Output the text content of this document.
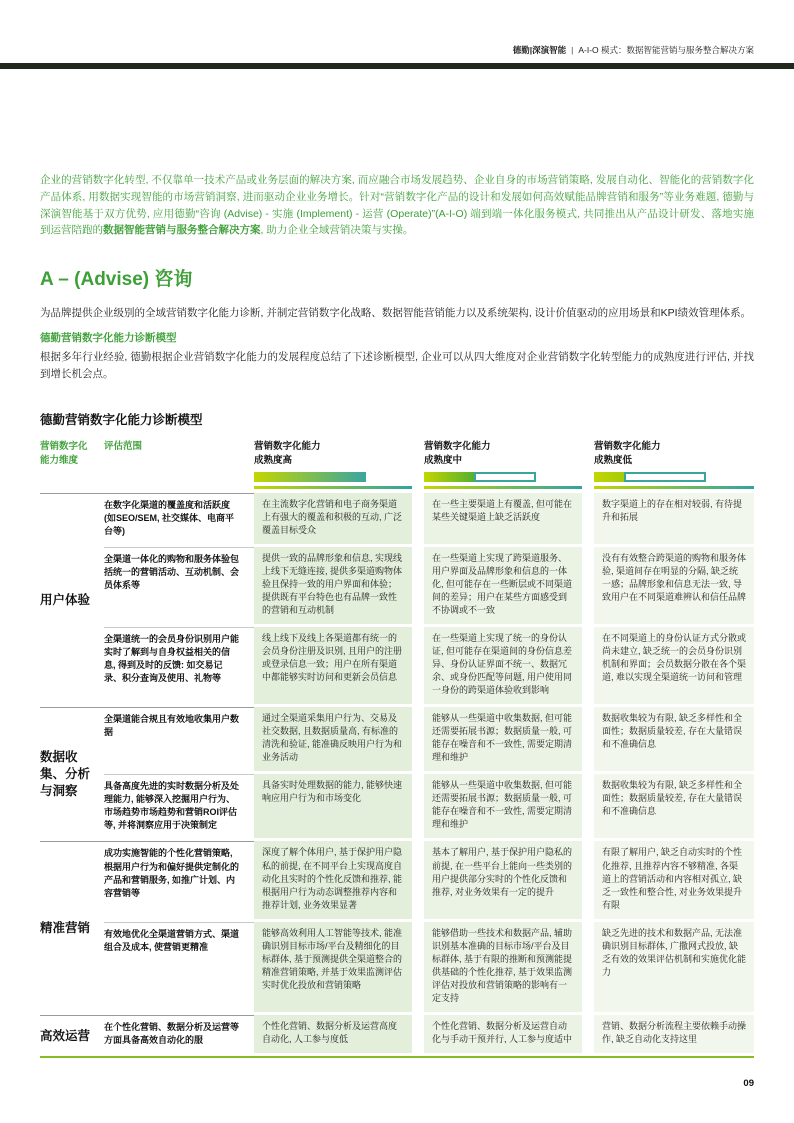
德勤|深演智能 | A-I-O 模式：数据智能营销与服务整合解决方案

企业的营销数字化转型, 不仅靠单一技术产品或业务层面的解决方案, 而应融合市场发展趋势、企业自身的市场营销策略, 发展自动化、智能化的营销数字化产品体系, 用数据实现智能的市场营销洞察, 进而驱动企业业务增长。针对“营销数字化产品的设计和发展如何高效赋能品牌营销和服务”等业务难题, 德勤与深演智能基于双方优势, 应用德勤“咨询 (Advise) - 实施 (Implement) - 运营 (Operate)”(A-I-O) 端到端一体化服务模式, 共同推出从产品设计研发、落地实施到运营陪跑的数据智能营销与服务整合解决方案, 助力企业全域营销决策与实操。

A – (Advise) 咨询

为品牌提供企业级别的全域营销数字化能力诊断, 并制定营销数字化战略、数据智能营销能力以及系统架构, 设计价值驱动的应用场景和KPI绩效管理体系。

德勤营销数字化能力诊断模型

根据多年行业经验, 德勤根据企业营销数字化能力的发展程度总结了下述诊断模型, 企业可以从四大维度对企业营销数字化转型能力的成熟度进行评估, 并找到增长机会点。

德勤营销数字化能力诊断模型
营销数字化能力维度
评估范围	营销数字化能力
成熟度高
营销数字化能力
成熟度中
营销数字化能力
成熟度低
用户体验
在数字化渠道的覆盖度和活跃度 (如SEO/SEM, 社交媒体、电商平台等)
在主流数字化营销和电子商务渠道上有强大的覆盖和积极的互动, 广泛覆盖目标受众
在一些主要渠道上有覆盖, 但可能在某些关键渠道上缺乏活跃度
数字渠道上的存在相对较弱, 有待提升和拓展
全渠道一体化的购物和服务体验包括统一的营销活动、互动机制、会员体系等
提供一致的品牌形象和信息, 实现线上线下无缝连接, 提供多渠道购物体验且保持一致的用户界面和体验；提供既有平台特色也有品牌一致性的营销和互动机制
在一些渠道上实现了跨渠道服务、用户界面及品牌形象和信息的一体化, 但可能存在一些断层或不同渠道间的差异；用户在某些方面感受到不协调或不一致
没有有效整合跨渠道的购物和服务体验, 渠道间存在明显的分隔, 缺乏统一感；品牌形象和信息无法一致, 导致用户在不同渠道难辨认和信任品牌
全渠道统一的会员身份识别用户能实时了解到与自身权益相关的信息, 得到及时的反馈: 如交易记录、积分查询及使用、礼物等
线上线下及线上各渠道都有统一的会员身份注册及识别, 且用户的注册或登录信息一致；用户在所有渠道中都能够实时访问和更新会员信息
在一些渠道上实现了统一的身份认证, 但可能存在渠道间的身份信息差异、身份认证界面不统一、数据冗余、或身份匹配等问题, 用户使用同一身份的跨渠道体验收到影响
在不同渠道上的身份认证方式分散或尚未建立, 缺乏统一的会员身份识别机制和界面；会员数据分散在各个渠道, 难以实现全渠道统一访问和管理
数据收集、分析与洞察
全渠道能合规且有效地收集用户数据
通过全渠道采集用户行为、交易及社交数据, 且数据质量高, 有标准的清洗和验证, 能准确反映用户行为和业务活动
能够从一些渠道中收集数据, 但可能还需要拓展书源；数据质量一般, 可能存在噪音和不一致性, 需要定期清理和维护
数据收集较为有限, 缺乏多样性和全面性；数据质量较差, 存在大量错误和不准确信息
具备高度先进的实时数据分析及处理能力, 能够深入挖掘用户行为、市场趋势市场趋势和营销ROI评估等, 并将洞察应用于决策制定
具备实时处理数据的能力, 能够快速响应用户行为和市场变化
能够从一些渠道中收集数据, 但可能还需要拓展书源；数据质量一般, 可能存在噪音和不一致性, 需要定期清理和维护
数据收集较为有限, 缺乏多样性和全面性；数据质量较差, 存在大量错误和不准确信息
精准营销
成功实施智能的个性化营销策略, 根据用户行为和偏好提供定制化的产品和营销服务, 如推广计划、内容营销等
深度了解个体用户, 基于保护用户隐私的前提, 在不同平台上实现高度自动化且实时的个性化反馈和推荐, 能根据用户行为动态调整推荐内容和推荐计划, 业务效果显著
基本了解用户, 基于保护用户隐私的前提, 在一些平台上能向一些类别的用户提供部分实时的个性化反馈和推荐, 对业务效果有一定的提升
有限了解用户, 缺乏自动实时的个性化推荐, 且推荐内容不够精准, 各渠道上的营销活动和内容相对孤立, 缺乏一致性和整合性, 对业务效果提升有限
有效地优化全渠道营销方式、渠道组合及成本, 使营销更精准
能够高效利用人工智能等技术, 能准确识别目标市场/平台及精细化的目标群体, 基于预测提供全渠道整合的精准营销策略, 并基于效果监测评估实时优化投放和营销策略
能够借助一些技术和数据产品, 辅助识别基本准确的目标市场/平台及目标群体, 基于有限的推断和预测能提供基础的个性化推荐, 基于效果监测评估对投放和营销策略的影响有一定支持
缺乏先进的技术和数据产品, 无法准确识别目标群体, 广撒网式投放, 缺乏有效的效果评估机制和实施优化能力
高效运营
在个性化营销、数据分析及运营等方面具备高效自动化的服
个性化营销、数据分析及运营高度自动化, 人工参与度低
个性化营销、数据分析及运营自动化与手动干预并行, 人工参与度适中
营销、数据分析流程主要依赖手动操作, 缺乏自动化支持这里
09
